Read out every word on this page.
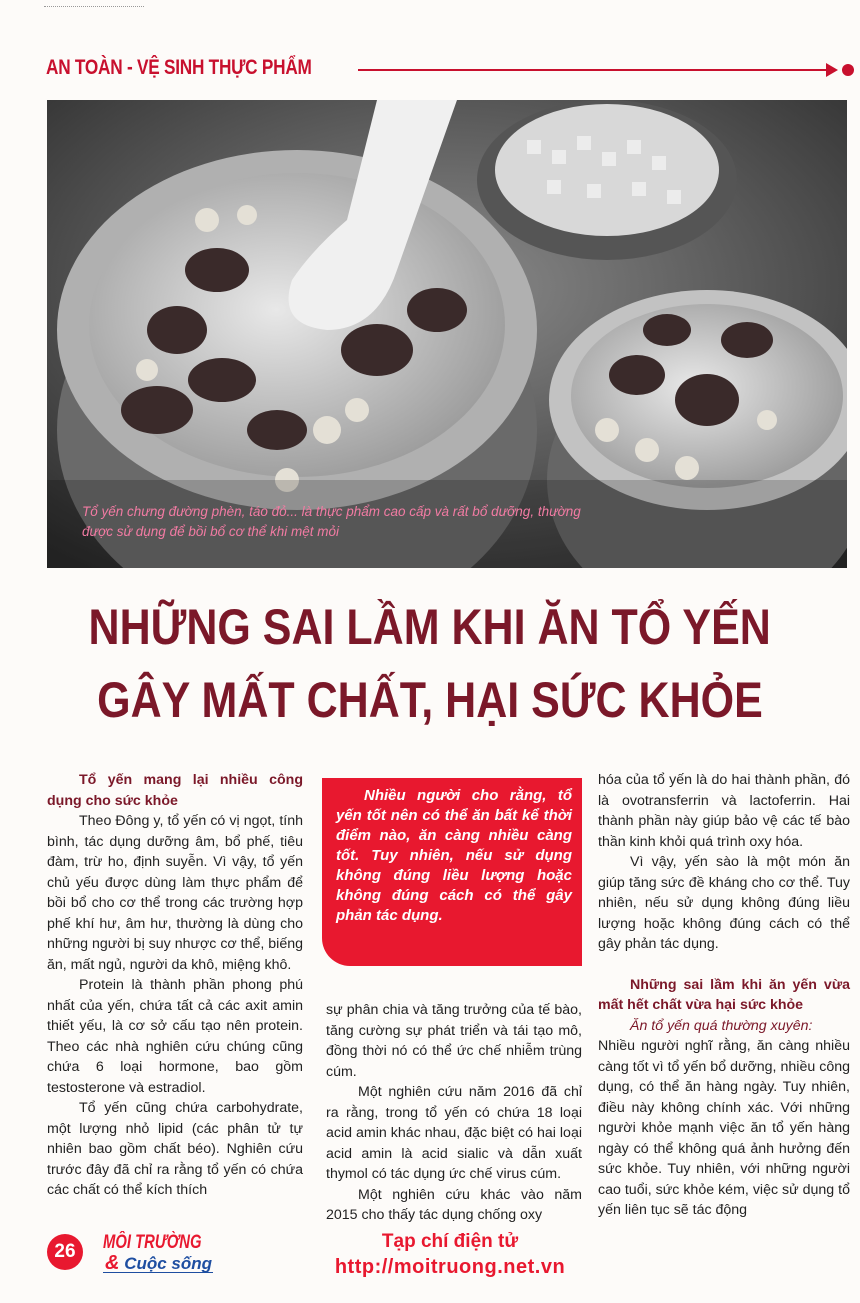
AN TOÀN - VỆ SINH THỰC PHẨM
Tổ yến chưng đường phèn, táo đỏ... là thực phẩm cao cấp và rất bổ dưỡng, thường được sử dụng để bồi bổ cơ thể khi mệt mỏi
NHỮNG SAI LẦM KHI ĂN TỔ YẾN
GÂY MẤT CHẤT, HẠI SỨC KHỎE

Tổ yến mang lại nhiều công dụng cho sức khỏe

Theo Đông y, tổ yến có vị ngọt, tính bình, tác dụng dưỡng âm, bổ phế, tiêu đàm, trừ ho, định suyễn. Vì vậy, tổ yến chủ yếu được dùng làm thực phẩm để bồi bổ cho cơ thể trong các trường hợp phế khí hư, âm hư, thường là dùng cho những người bị suy nhược cơ thể, biếng ăn, mất ngủ, người da khô, miệng khô.

Protein là thành phần phong phú nhất của yến, chứa tất cả các axit amin thiết yếu, là cơ sở cấu tạo nên protein. Theo các nhà nghiên cứu chúng cũng chứa 6 loại hormone, bao gồm testosterone và estradiol.

Tổ yến cũng chứa carbohydrate, một lượng nhỏ lipid (các phân tử tự nhiên bao gồm chất béo). Nghiên cứu trước đây đã chỉ ra rằng tổ yến có chứa các chất có thể kích thích

Nhiều người cho rằng, tổ yến tốt nên có thể ăn bất kể thời điểm nào, ăn càng nhiều càng tốt. Tuy nhiên, nếu sử dụng không đúng liều lượng hoặc không đúng cách có thể gây phản tác dụng.

sự phân chia và tăng trưởng của tế bào, tăng cường sự phát triển và tái tạo mô, đồng thời nó có thể ức chế nhiễm trùng cúm.

Một nghiên cứu năm 2016 đã chỉ ra rằng, trong tổ yến có chứa 18 loại acid amin khác nhau, đặc biệt có hai loại acid amin là acid sialic và dẫn xuất thymol có tác dụng ức chế virus cúm.

Một nghiên cứu khác vào năm 2015 cho thấy tác dụng chống oxy

hóa của tổ yến là do hai thành phần, đó là ovotransferrin và lactoferrin. Hai thành phần này giúp bảo vệ các tế bào thần kinh khỏi quá trình oxy hóa.

Vì vậy, yến sào là một món ăn giúp tăng sức đề kháng cho cơ thể. Tuy nhiên, nếu sử dụng không đúng liều lượng hoặc không đúng cách có thể gây phản tác dụng.

Những sai lầm khi ăn yến vừa mất hết chất vừa hại sức khỏe

Ăn tổ yến quá thường xuyên:

Nhiều người nghĩ rằng, ăn càng nhiều càng tốt vì tổ yến bổ dưỡng, nhiều công dụng, có thể ăn hàng ngày. Tuy nhiên, điều này không chính xác. Với những người khỏe mạnh việc ăn tổ yến hàng ngày có thể không quá ảnh hưởng đến sức khỏe. Tuy nhiên, với những người cao tuổi, sức khỏe kém, việc sử dụng tổ yến liên tục sẽ tác động

26	MÔI TRƯỜNG
& Cuộc sống
Tạp chí điện tử
http://moitruong.net.vn
